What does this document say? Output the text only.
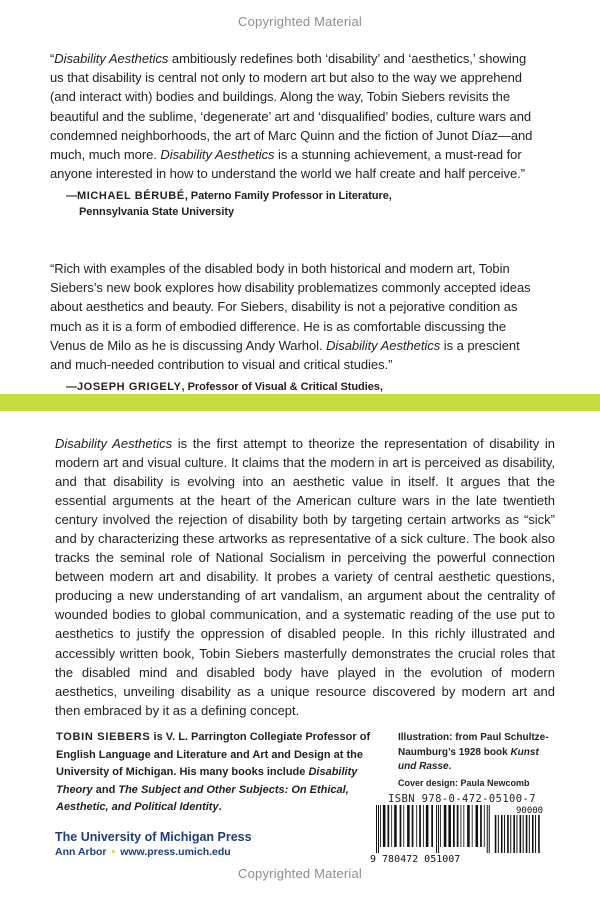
Copyrighted Material
“Disability Aesthetics ambitiously redefines both ‘disability’ and ‘aesthetics,’ showing
us that disability is central not only to modern art but also to the way we apprehend
(and interact with) bodies and buildings. Along the way, Tobin Siebers revisits the
beautiful and the sublime, ‘degenerate’ art and ‘disqualified’ bodies, culture wars and
condemned neighborhoods, the art of Marc Quinn and the fiction of Junot Díaz—and
much, much more. Disability Aesthetics is a stunning achievement, a must-read for
anyone interested in how to understand the world we half create and half perceive.”
—MICHAEL BÉRUBÉ, Paterno Family Professor in Literature,
Pennsylvania State University
“Rich with examples of the disabled body in both historical and modern art, Tobin
Siebers’s new book explores how disability problematizes commonly accepted ideas
about aesthetics and beauty. For Siebers, disability is not a pejorative condition as
much as it is a form of embodied difference. He is as comfortable discussing the
Venus de Milo as he is discussing Andy Warhol. Disability Aesthetics is a prescient
and much-needed contribution to visual and critical studies.”
—JOSEPH GRIGELY, Professor of Visual & Critical Studies,
Disability Aesthetics is the first attempt to theorize the representation of disability in modern art and visual culture. It claims that the modern in art is perceived as disability, and that disability is evolving into an aesthetic value in itself. It argues that the essential arguments at the heart of the American culture wars in the late twentieth century involved the rejection of disability both by targeting certain artworks as “sick” and by characterizing these artworks as representative of a sick culture. The book also tracks the seminal role of National Socialism in perceiving the powerful connection between modern art and disability. It probes a variety of central aesthetic questions, producing a new understanding of art vandalism, an argument about the centrality of wounded bodies to global communication, and a systematic reading of the use put to aesthetics to justify the oppression of disabled people. In this richly illustrated and accessibly written book, Tobin Siebers masterfully demonstrates the crucial roles that the disabled mind and disabled body have played in the evolution of modern aesthetics, unveiling disability as a unique resource discovered by modern art and then embraced by it as a defining concept.
TOBIN SIEBERS is V. L. Parrington Collegiate Professor of English Language and Literature and Art and Design at the University of Michigan. His many books include Disability Theory and The Subject and Other Subjects: On Ethical, Aesthetic, and Political Identity.
Illustration: from Paul Schultze-Naumburg’s 1928 book Kunst und Rasse.
Cover design: Paula Newcomb
ISBN 978-0-472-05100-7
9 780472 051007
90000
The University of Michigan Press
Ann Arbor • www.press.umich.edu
Copyrighted Material
